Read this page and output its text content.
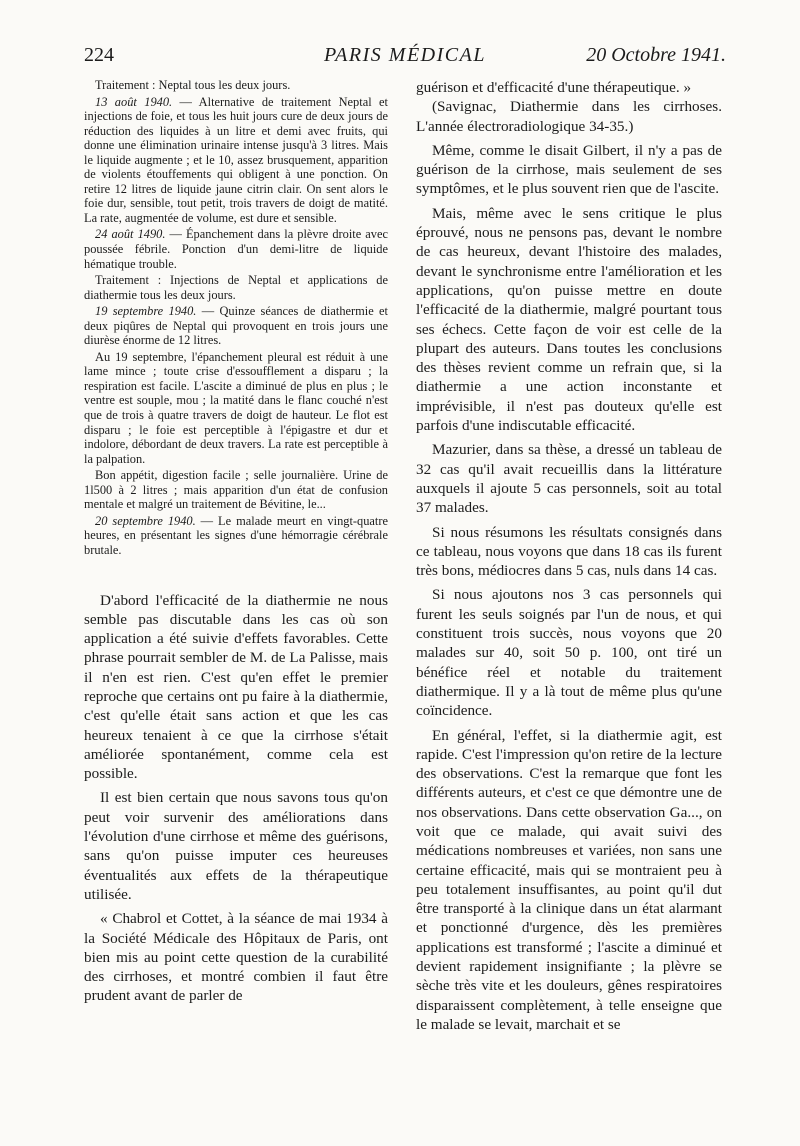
224	PARIS MÉDICAL	20 Octobre 1941.

Traitement : Neptal tous les deux jours.

13 août 1940. — Alternative de traitement Neptal et injections de foie, et tous les huit jours cure de deux jours de réduction des liquides à un litre et demi avec fruits, qui donne une élimination urinaire intense jusqu'à 3 litres. Mais le liquide augmente ; et le 10, assez brusquement, apparition de violents étouffements qui obligent à une ponction. On retire 12 litres de liquide jaune citrin clair. On sent alors le foie dur, sensible, tout petit, trois travers de doigt de matité. La rate, augmentée de volume, est dure et sensible.

24 août 1490. — Épanchement dans la plèvre droite avec poussée fébrile. Ponction d'un demi-litre de liquide hématique trouble.

Traitement : Injections de Neptal et applications de diathermie tous les deux jours.

19 septembre 1940. — Quinze séances de diathermie et deux piqûres de Neptal qui provoquent en trois jours une diurèse énorme de 12 litres.

Au 19 septembre, l'épanchement pleural est réduit à une lame mince ; toute crise d'essoufflement a disparu ; la respiration est facile. L'ascite a diminué de plus en plus ; le ventre est souple, mou ; la matité dans le flanc couché n'est que de trois à quatre travers de doigt de hauteur. Le flot est disparu ; le foie est perceptible à l'épigastre et dur et indolore, débordant de deux travers. La rate est perceptible à la palpation.

Bon appétit, digestion facile ; selle journalière. Urine de 1l500 à 2 litres ; mais apparition d'un état de confusion mentale et malgré un traitement de Bévitine, le...

20 septembre 1940. — Le malade meurt en vingt-quatre heures, en présentant les signes d'une hémorragie cérébrale brutale.

D'abord l'efficacité de la diathermie ne nous semble pas discutable dans les cas où son application a été suivie d'effets favorables. Cette phrase pourrait sembler de M. de La Palisse, mais il n'en est rien. C'est qu'en effet le premier reproche que certains ont pu faire à la diathermie, c'est qu'elle était sans action et que les cas heureux tenaient à ce que la cirrhose s'était améliorée spontanément, comme cela est possible.

Il est bien certain que nous savons tous qu'on peut voir survenir des améliorations dans l'évolution d'une cirrhose et même des guérisons, sans qu'on puisse imputer ces heureuses éventualités aux effets de la thérapeutique utilisée.

« Chabrol et Cottet, à la séance de mai 1934 à la Société Médicale des Hôpitaux de Paris, ont bien mis au point cette question de la curabilité des cirrhoses, et montré combien il faut être prudent avant de parler de

guérison et d'efficacité d'une thérapeutique. »

(Savignac, Diathermie dans les cirrhoses. L'année électroradiologique 34-35.)

Même, comme le disait Gilbert, il n'y a pas de guérison de la cirrhose, mais seulement de ses symptômes, et le plus souvent rien que de l'ascite.

Mais, même avec le sens critique le plus éprouvé, nous ne pensons pas, devant le nombre de cas heureux, devant l'histoire des malades, devant le synchronisme entre l'amélioration et les applications, qu'on puisse mettre en doute l'efficacité de la diathermie, malgré pourtant tous ses échecs. Cette façon de voir est celle de la plupart des auteurs. Dans toutes les conclusions des thèses revient comme un refrain que, si la diathermie a une action inconstante et imprévisible, il n'est pas douteux qu'elle est parfois d'une indiscutable efficacité.

Mazurier, dans sa thèse, a dressé un tableau de 32 cas qu'il avait recueillis dans la littérature auxquels il ajoute 5 cas personnels, soit au total 37 malades.

Si nous résumons les résultats consignés dans ce tableau, nous voyons que dans 18 cas ils furent très bons, médiocres dans 5 cas, nuls dans 14 cas.

Si nous ajoutons nos 3 cas personnels qui furent les seuls soignés par l'un de nous, et qui constituent trois succès, nous voyons que 20 malades sur 40, soit 50 p. 100, ont tiré un bénéfice réel et notable du traitement diathermique. Il y a là tout de même plus qu'une coïncidence.

En général, l'effet, si la diathermie agit, est rapide. C'est l'impression qu'on retire de la lecture des observations. C'est la remarque que font les différents auteurs, et c'est ce que démontre une de nos observations. Dans cette observation Ga..., on voit que ce malade, qui avait suivi des médications nombreuses et variées, non sans une certaine efficacité, mais qui se montraient peu à peu totalement insuffisantes, au point qu'il dut être transporté à la clinique dans un état alarmant et ponctionné d'urgence, dès les premières applications est transformé ; l'ascite a diminué et devient rapidement insignifiante ; la plèvre se sèche très vite et les douleurs, gênes respiratoires disparaissent complètement, à telle enseigne que le malade se levait, marchait et se
